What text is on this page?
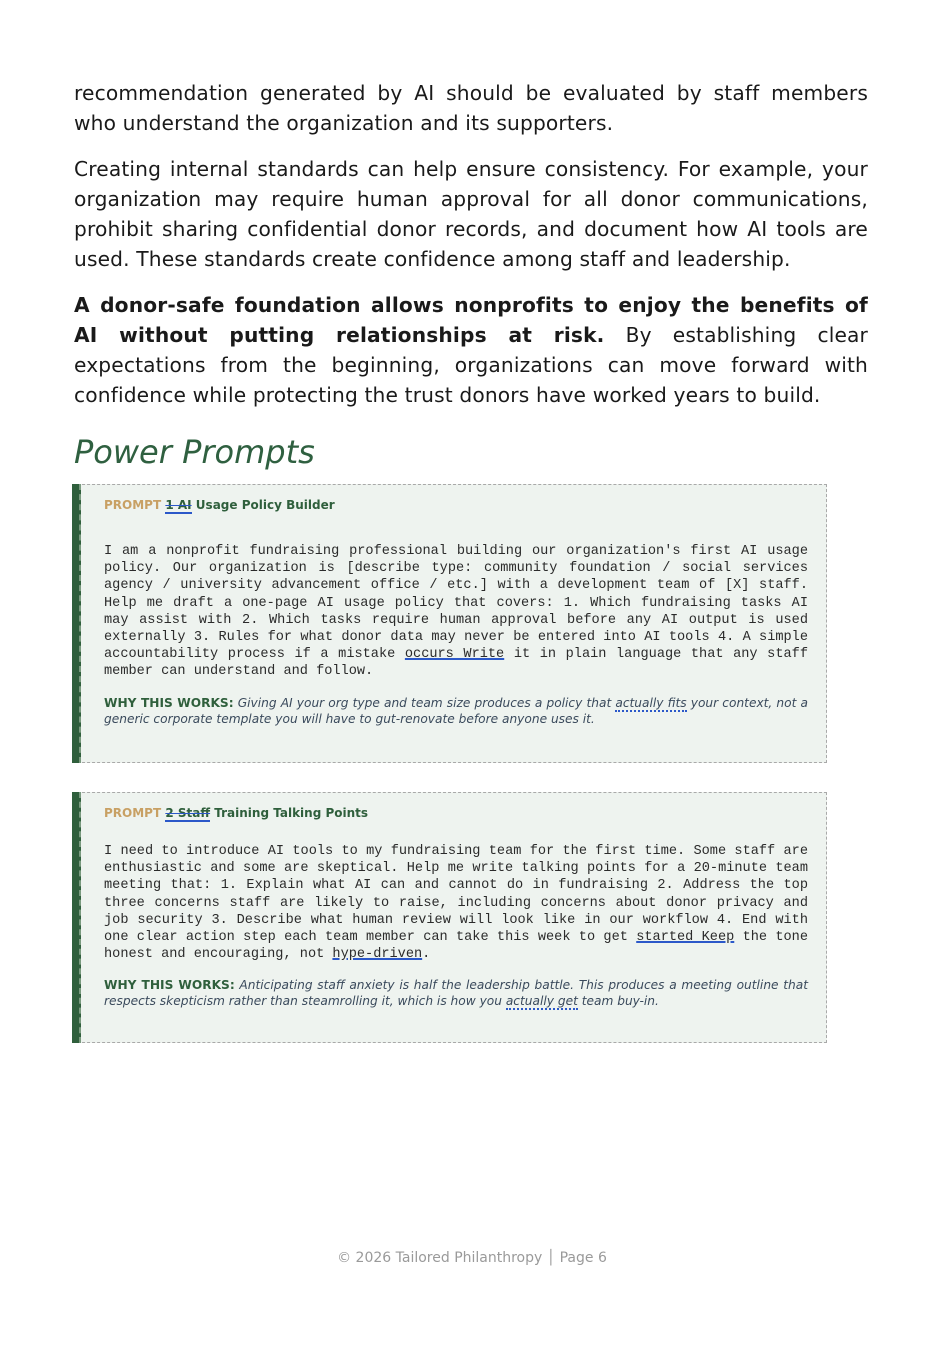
recommendation generated by AI should be evaluated by staff members who understand the organization and its supporters.

Creating internal standards can help ensure consistency. For example, your organization may require human approval for all donor communications, prohibit sharing confidential donor records, and document how AI tools are used. These standards create confidence among staff and leadership.

A donor-safe foundation allows nonprofits to enjoy the benefits of AI without putting relationships at risk. By establishing clear expectations from the beginning, organizations can move forward with confidence while protecting the trust donors have worked years to build.

Power Prompts

PROMPT 1 AI Usage Policy Builder

I am a nonprofit fundraising professional building our organization's first AI usage policy. Our organization is [describe type: community foundation / social services agency / university advancement office / etc.] with a development team of [X] staff. Help me draft a one-page AI usage policy that covers: 1. Which fundraising tasks AI may assist with 2. Which tasks require human approval before any AI output is used externally 3. Rules for what donor data may never be entered into AI tools 4. A simple accountability process if a mistake occurs Write it in plain language that any staff member can understand and follow.

WHY THIS WORKS: Giving AI your org type and team size produces a policy that actually fits your context, not a generic corporate template you will have to gut-renovate before anyone uses it.

PROMPT 2 Staff Training Talking Points

I need to introduce AI tools to my fundraising team for the first time. Some staff are enthusiastic and some are skeptical. Help me write talking points for a 20-minute team meeting that: 1. Explain what AI can and cannot do in fundraising 2. Address the top three concerns staff are likely to raise, including concerns about donor privacy and job security 3. Describe what human review will look like in our workflow 4. End with one clear action step each team member can take this week to get started Keep the tone honest and encouraging, not hype-driven.

WHY THIS WORKS: Anticipating staff anxiety is half the leadership battle. This produces a meeting outline that respects skepticism rather than steamrolling it, which is how you actually get team buy-in.

© 2026 Tailored Philanthropy │ Page 6
